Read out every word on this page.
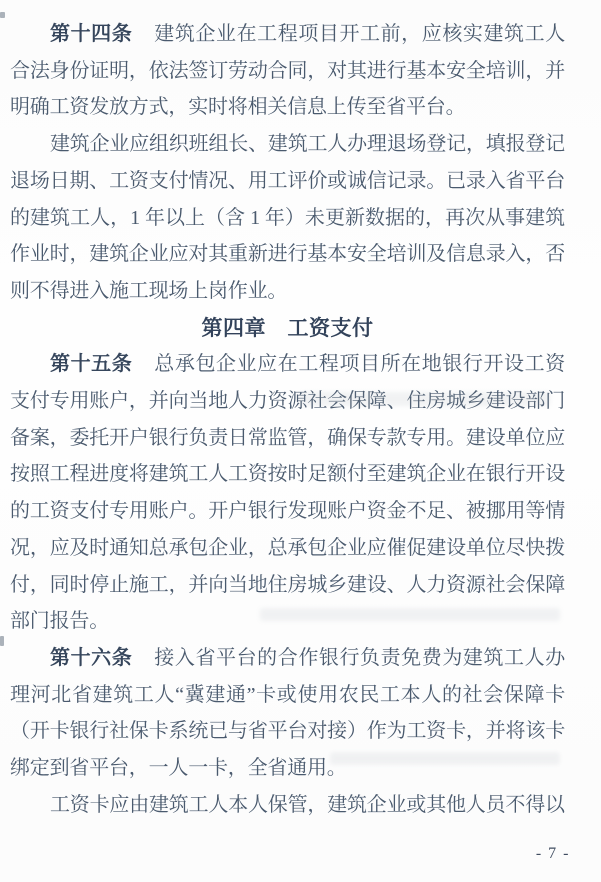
第十四条 建筑企业在工程项目开工前，应核实建筑工人合法身份证明，依法签订劳动合同，对其进行基本安全培训，并明确工资发放方式，实时将相关信息上传至省平台。

建筑企业应组织班组长、建筑工人办理退场登记，填报登记退场日期、工资支付情况、用工评价或诚信记录。已录入省平台的建筑工人，1 年以上（含 1 年）未更新数据的，再次从事建筑作业时，建筑企业应对其重新进行基本安全培训及信息录入，否则不得进入施工现场上岗作业。

第四章　工资支付

第十五条 总承包企业应在工程项目所在地银行开设工资支付专用账户，并向当地人力资源社会保障、住房城乡建设部门备案，委托开户银行负责日常监管，确保专款专用。建设单位应按照工程进度将建筑工人工资按时足额付至建筑企业在银行开设的工资支付专用账户。开户银行发现账户资金不足、被挪用等情况，应及时通知总承包企业，总承包企业应催促建设单位尽快拨付，同时停止施工，并向当地住房城乡建设、人力资源社会保障部门报告。

第十六条 接入省平台的合作银行负责免费为建筑工人办理河北省建筑工人“冀建通”卡或使用农民工本人的社会保障卡（开卡银行社保卡系统已与省平台对接）作为工资卡，并将该卡绑定到省平台，一人一卡，全省通用。

工资卡应由建筑工人本人保管，建筑企业或其他人员不得以

- 7 -
